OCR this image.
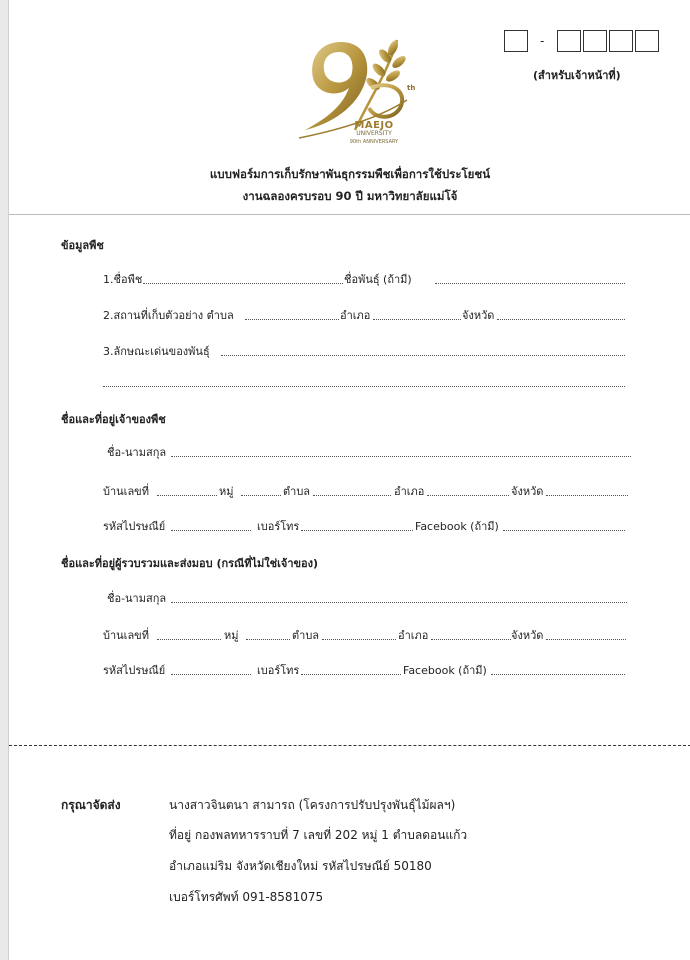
th
MAEJO
UNIVERSITY
90th ANNIVERSARY
-
(สำหรับเจ้าหน้าที่)
แบบฟอร์มการเก็บรักษาพันธุกรรมพืชเพื่อการใช้ประโยชน์
งานฉลองครบรอบ 90 ปี มหาวิทยาลัยแม่โจ้
ข้อมูลพืช
1.ชื่อพืช	ชื่อพันธุ์ (ถ้ามี)
2.สถานที่เก็บตัวอย่าง ตำบล	อำเภอ	จังหวัด
3.ลักษณะเด่นของพันธุ์
ชื่อและที่อยู่เจ้าของพืช
ชื่อ-นามสกุล
บ้านเลขที่	หมู่	ตำบล	อำเภอ	จังหวัด
รหัสไปรษณีย์	เบอร์โทร	Facebook (ถ้ามี)
ชื่อและที่อยู่ผู้รวบรวมและส่งมอบ (กรณีที่ไม่ใช่เจ้าของ)
ชื่อ-นามสกุล
บ้านเลขที่	หมู่	ตำบล	อำเภอ	จังหวัด
รหัสไปรษณีย์	เบอร์โทร	Facebook (ถ้ามี)
กรุณาจัดส่ง	นางสาวจินตนา สามารถ (โครงการปรับปรุงพันธุ์ไม้ผลฯ)
ที่อยู่ กองพลทหารราบที่ 7 เลขที่ 202 หมู่ 1 ตำบลดอนแก้ว
อำเภอแม่ริม จังหวัดเชียงใหม่ รหัสไปรษณีย์ 50180
เบอร์โทรศัพท์ 091-8581075
